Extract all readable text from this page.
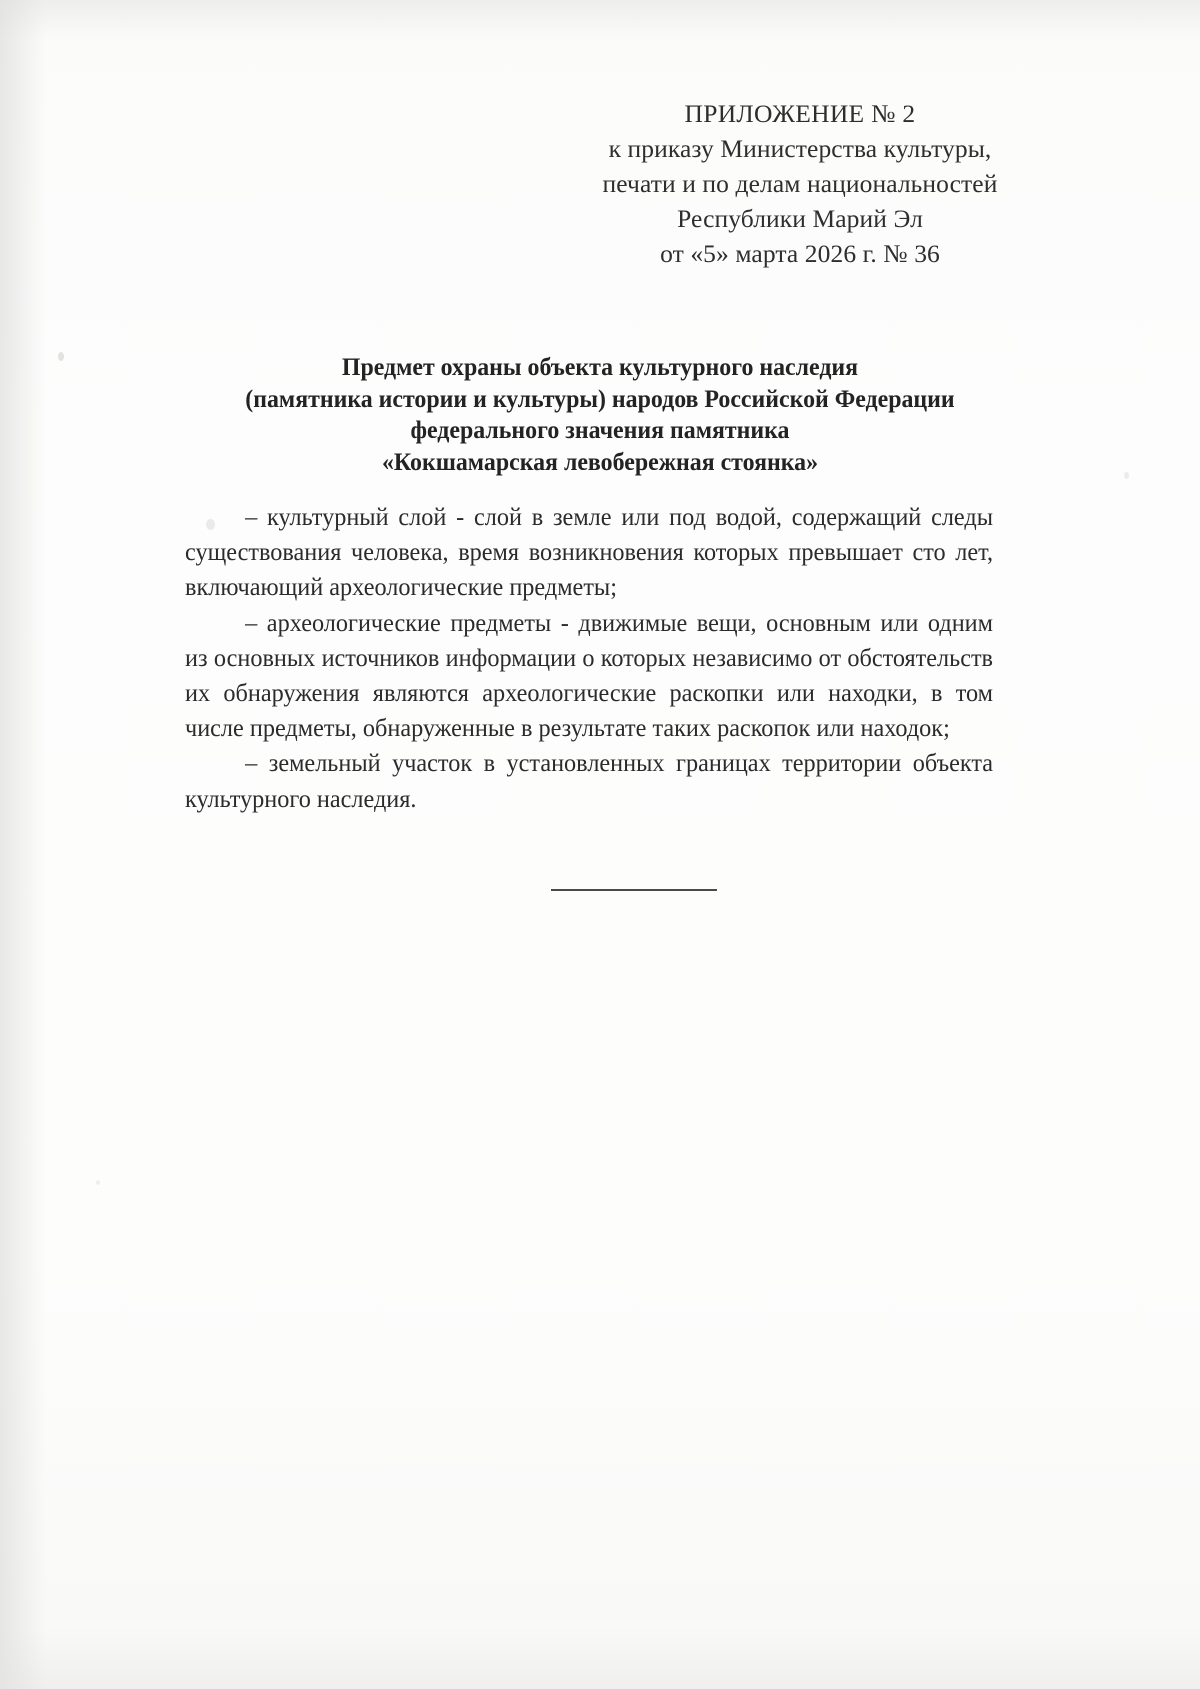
ПРИЛОЖЕНИЕ № 2
к приказу Министерства культуры,
печати и по делам национальностей
Республики Марий Эл
от «5» марта 2026 г. № 36
Предмет охраны объекта культурного наследия
(памятника истории и культуры) народов Российской Федерации
федерального значения памятника
«Кокшамарская левобережная стоянка»

– культурный слой - слой в земле или под водой, содержащий следы существования человека, время возникновения которых превышает сто лет, включающий археологические предметы;

– археологические предметы - движимые вещи, основным или одним из основных источников информации о которых независимо от обстоятельств их обнаружения являются археологические раскопки или находки, в том числе предметы, обнаруженные в результате таких раскопок или находок;

– земельный участок в установленных границах территории объекта культурного наследия.
